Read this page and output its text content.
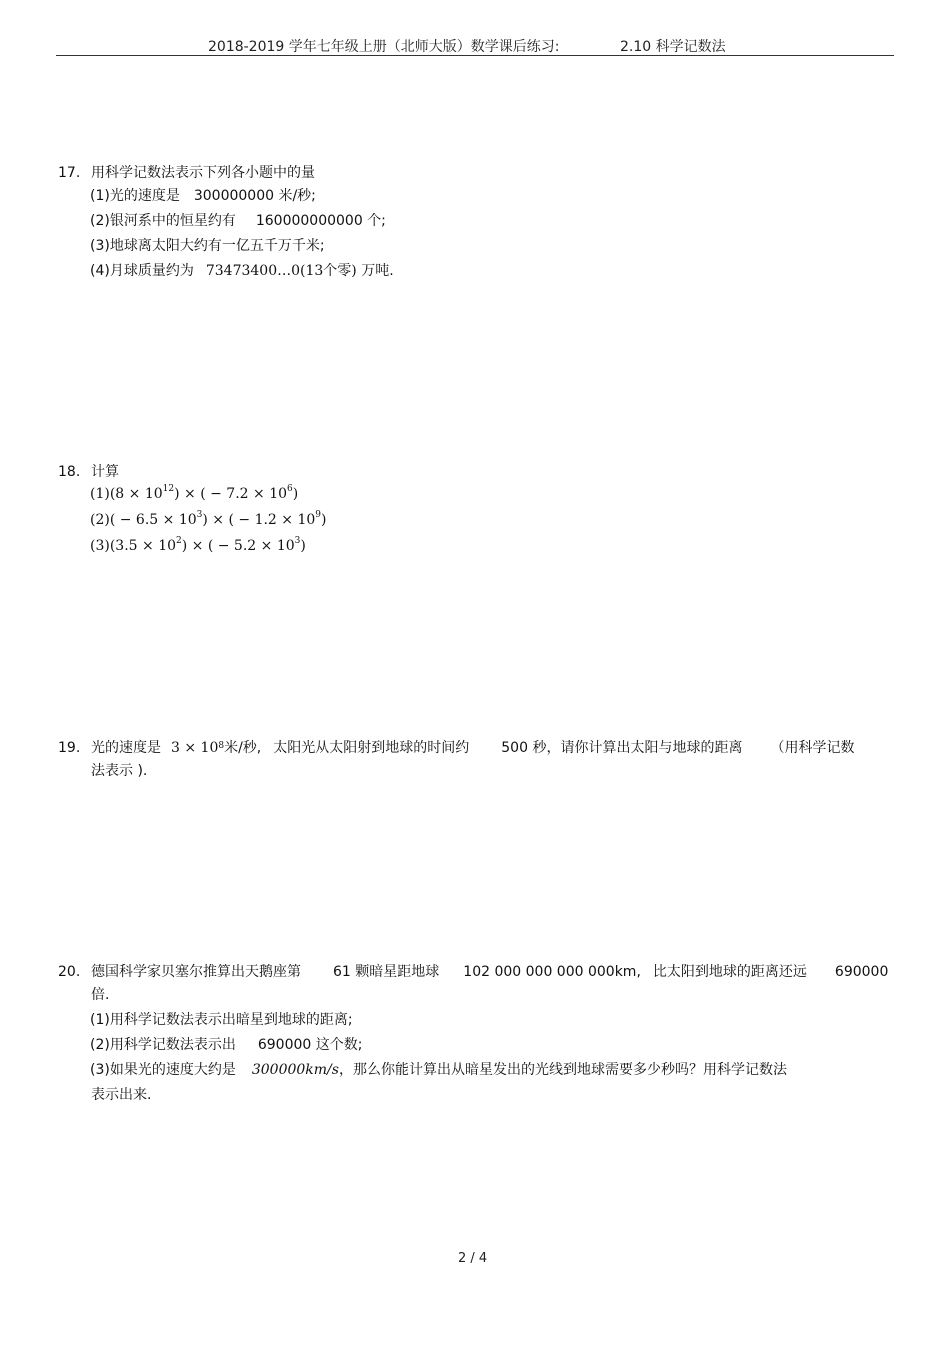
2018-2019 学年七年级上册（北师大版）数学课后练习:	2.10 科学记数法
17. 用科学记数法表示下列各小题中的量
(1)光的速度是 300000000 米/秒;
(2)银河系中的恒星约有 160000000000 个;
(3)地球离太阳大约有一亿五千万千米;
(4)月球质量约为 73473400…0(13个零) 万吨.
18. 计算
$(1)(8 \times 10^{12})$ × ( − $7.2 \times 10^6$)
$(2)( - 6.5 \times 10^3)$ × ( − $1.2 \times 10^9$)
$(3)(3.5 \times 10^2)$ × ( − $5.2 \times 10^3$)
19. 光的速度是 $3 \times 10^8$米/秒, 太阳光从太阳射到地球的时间约 500 秒，请你计算出太阳与地球的距离 （用科学记数
法表示 ).
20. 德国科学家贝塞尔推算出天鹅座第 61 颗暗星距地球 102 000 000 000 000km, 比太阳到地球的距离还远 690000
倍.
(1)用科学记数法表示出暗星到地球的距离;
(2)用科学记数法表示出 690000 这个数;
(3)如果光的速度大约是 300000km/s，那么你能计算出从暗星发出的光线到地球需要多少秒吗？用科学记数法
表示出来.
2 / 4
